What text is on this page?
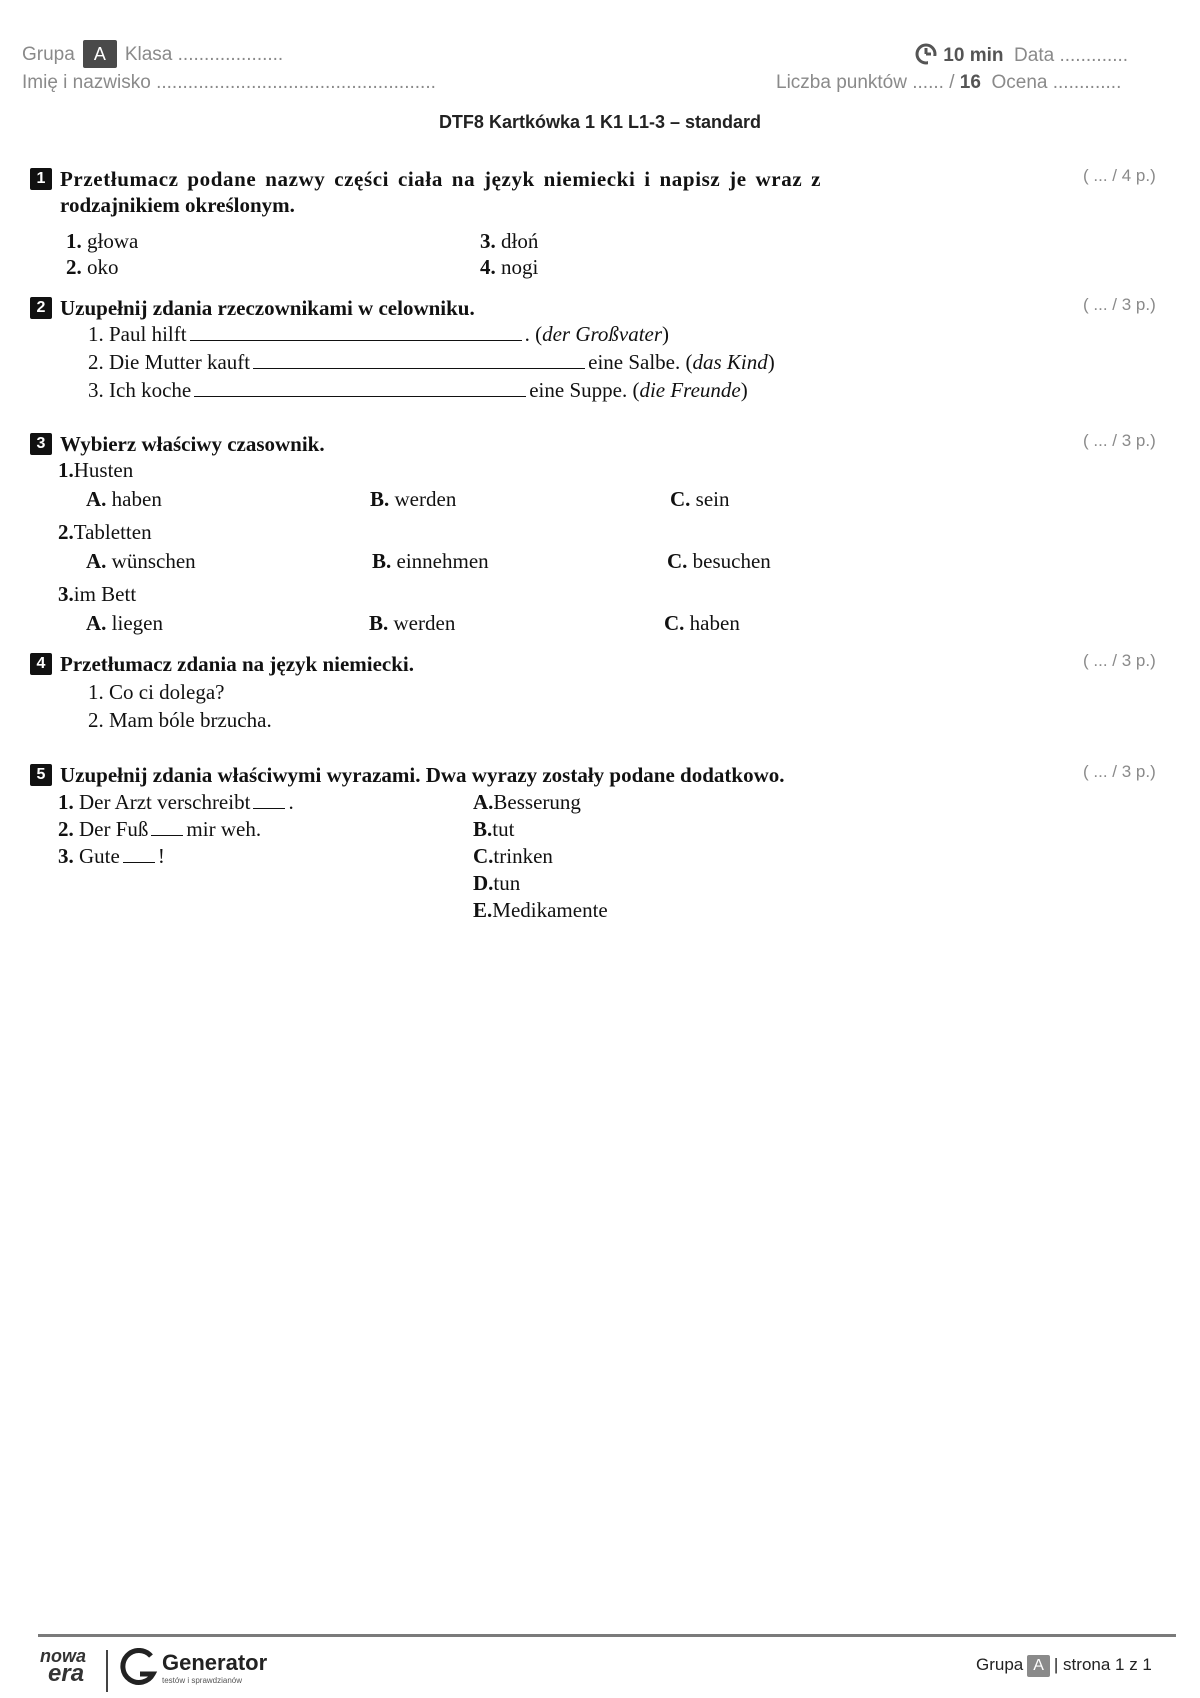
Grupa A Klasa ....................
Imię i nazwisko .....................................................
10 min Data .............
Liczba punktów ...... / 16 Ocena .............
DTF8 Kartkówka 1 K1 L1-3 – standard
1 Przetłumacz podane nazwy części ciała na język niemiecki i napisz je wraz z
rodzajnikiem określonym.
( ... / 4 p.)
1. głowa
2. oko
3. dłoń
4. nogi
2 Uzupełnij zdania rzeczownikami w celowniku.	( ... / 3 p.)
1. Paul hilft	. (der Großvater)
2. Die Mutter kauft	eine Salbe. (das Kind)
3. Ich koche	eine Suppe. (die Freunde)
3 Wybierz właściwy czasownik.	( ... / 3 p.)
1.Husten
A. haben	B. werden	C. sein
2.Tabletten
A. wünschen	B. einnehmen	C. besuchen
3.im Bett
A. liegen	B. werden	C. haben
4 Przetłumacz zdania na język niemiecki.	( ... / 3 p.)
1. Co ci dolega?
2. Mam bóle brzucha.
5 Uzupełnij zdania właściwymi wyrazami. Dwa wyrazy zostały podane dodatkowo.	( ... / 3 p.)
1. Der Arzt verschreibt .
2. Der Fuß mir weh.
3. Gute !
A.Besserung
B.tut
C.trinken
D.tun
E.Medikamente
nowa
era	Generator
testów i sprawdzianów
Grupa A | strona 1 z 1
